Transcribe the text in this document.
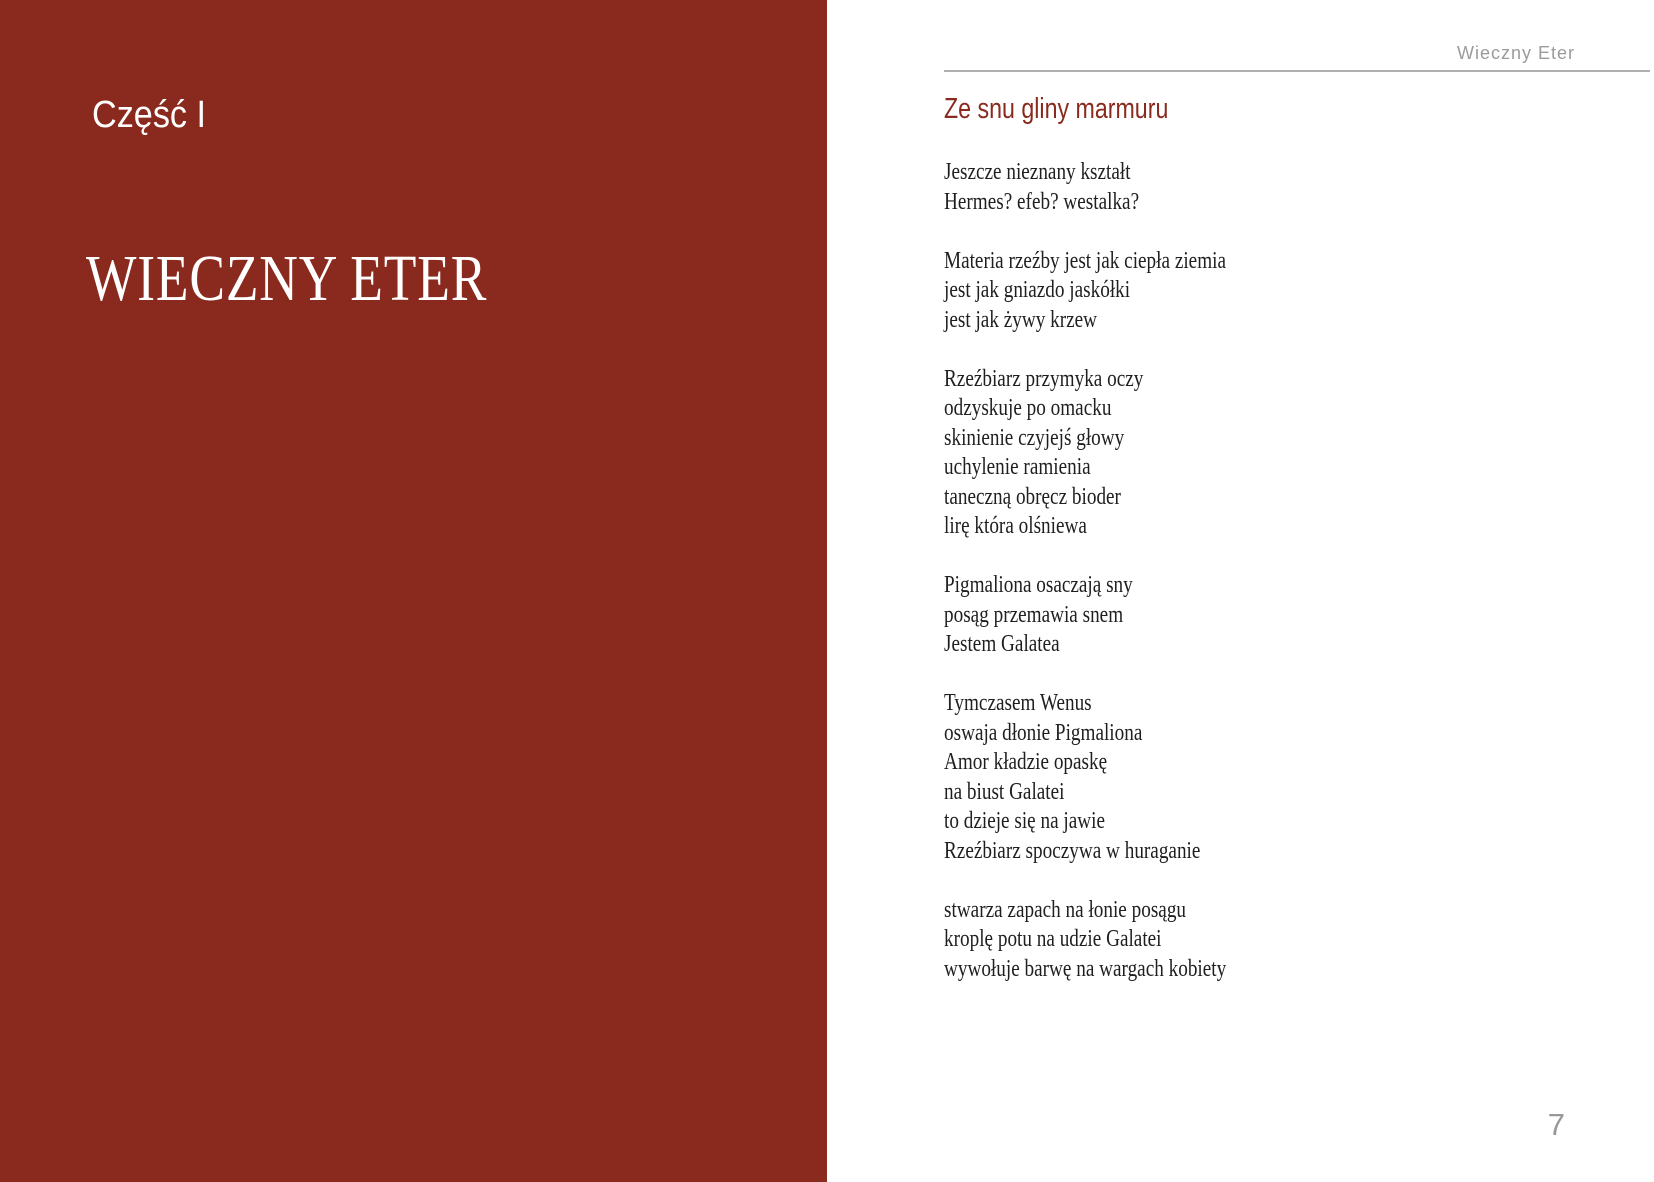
Część I
WIECZNY ETER
Wieczny Eter
Ze snu gliny marmuru

Jeszcze nieznany kształt

Hermes? efeb? westalka?

Materia rzeźby jest jak ciepła ziemia

jest jak gniazdo jaskółki

jest jak żywy krzew

Rzeźbiarz przymyka oczy

odzyskuje po omacku

skinienie czyjejś głowy

uchylenie ramienia

taneczną obręcz bioder

lirę która olśniewa

Pigmaliona osaczają sny

posąg przemawia snem

Jestem Galatea

Tymczasem Wenus

oswaja dłonie Pigmaliona

Amor kładzie opaskę

na biust Galatei

to dzieje się na jawie

Rzeźbiarz spoczywa w huraganie

stwarza zapach na łonie posągu

kroplę potu na udzie Galatei

wywołuje barwę na wargach kobiety

7
